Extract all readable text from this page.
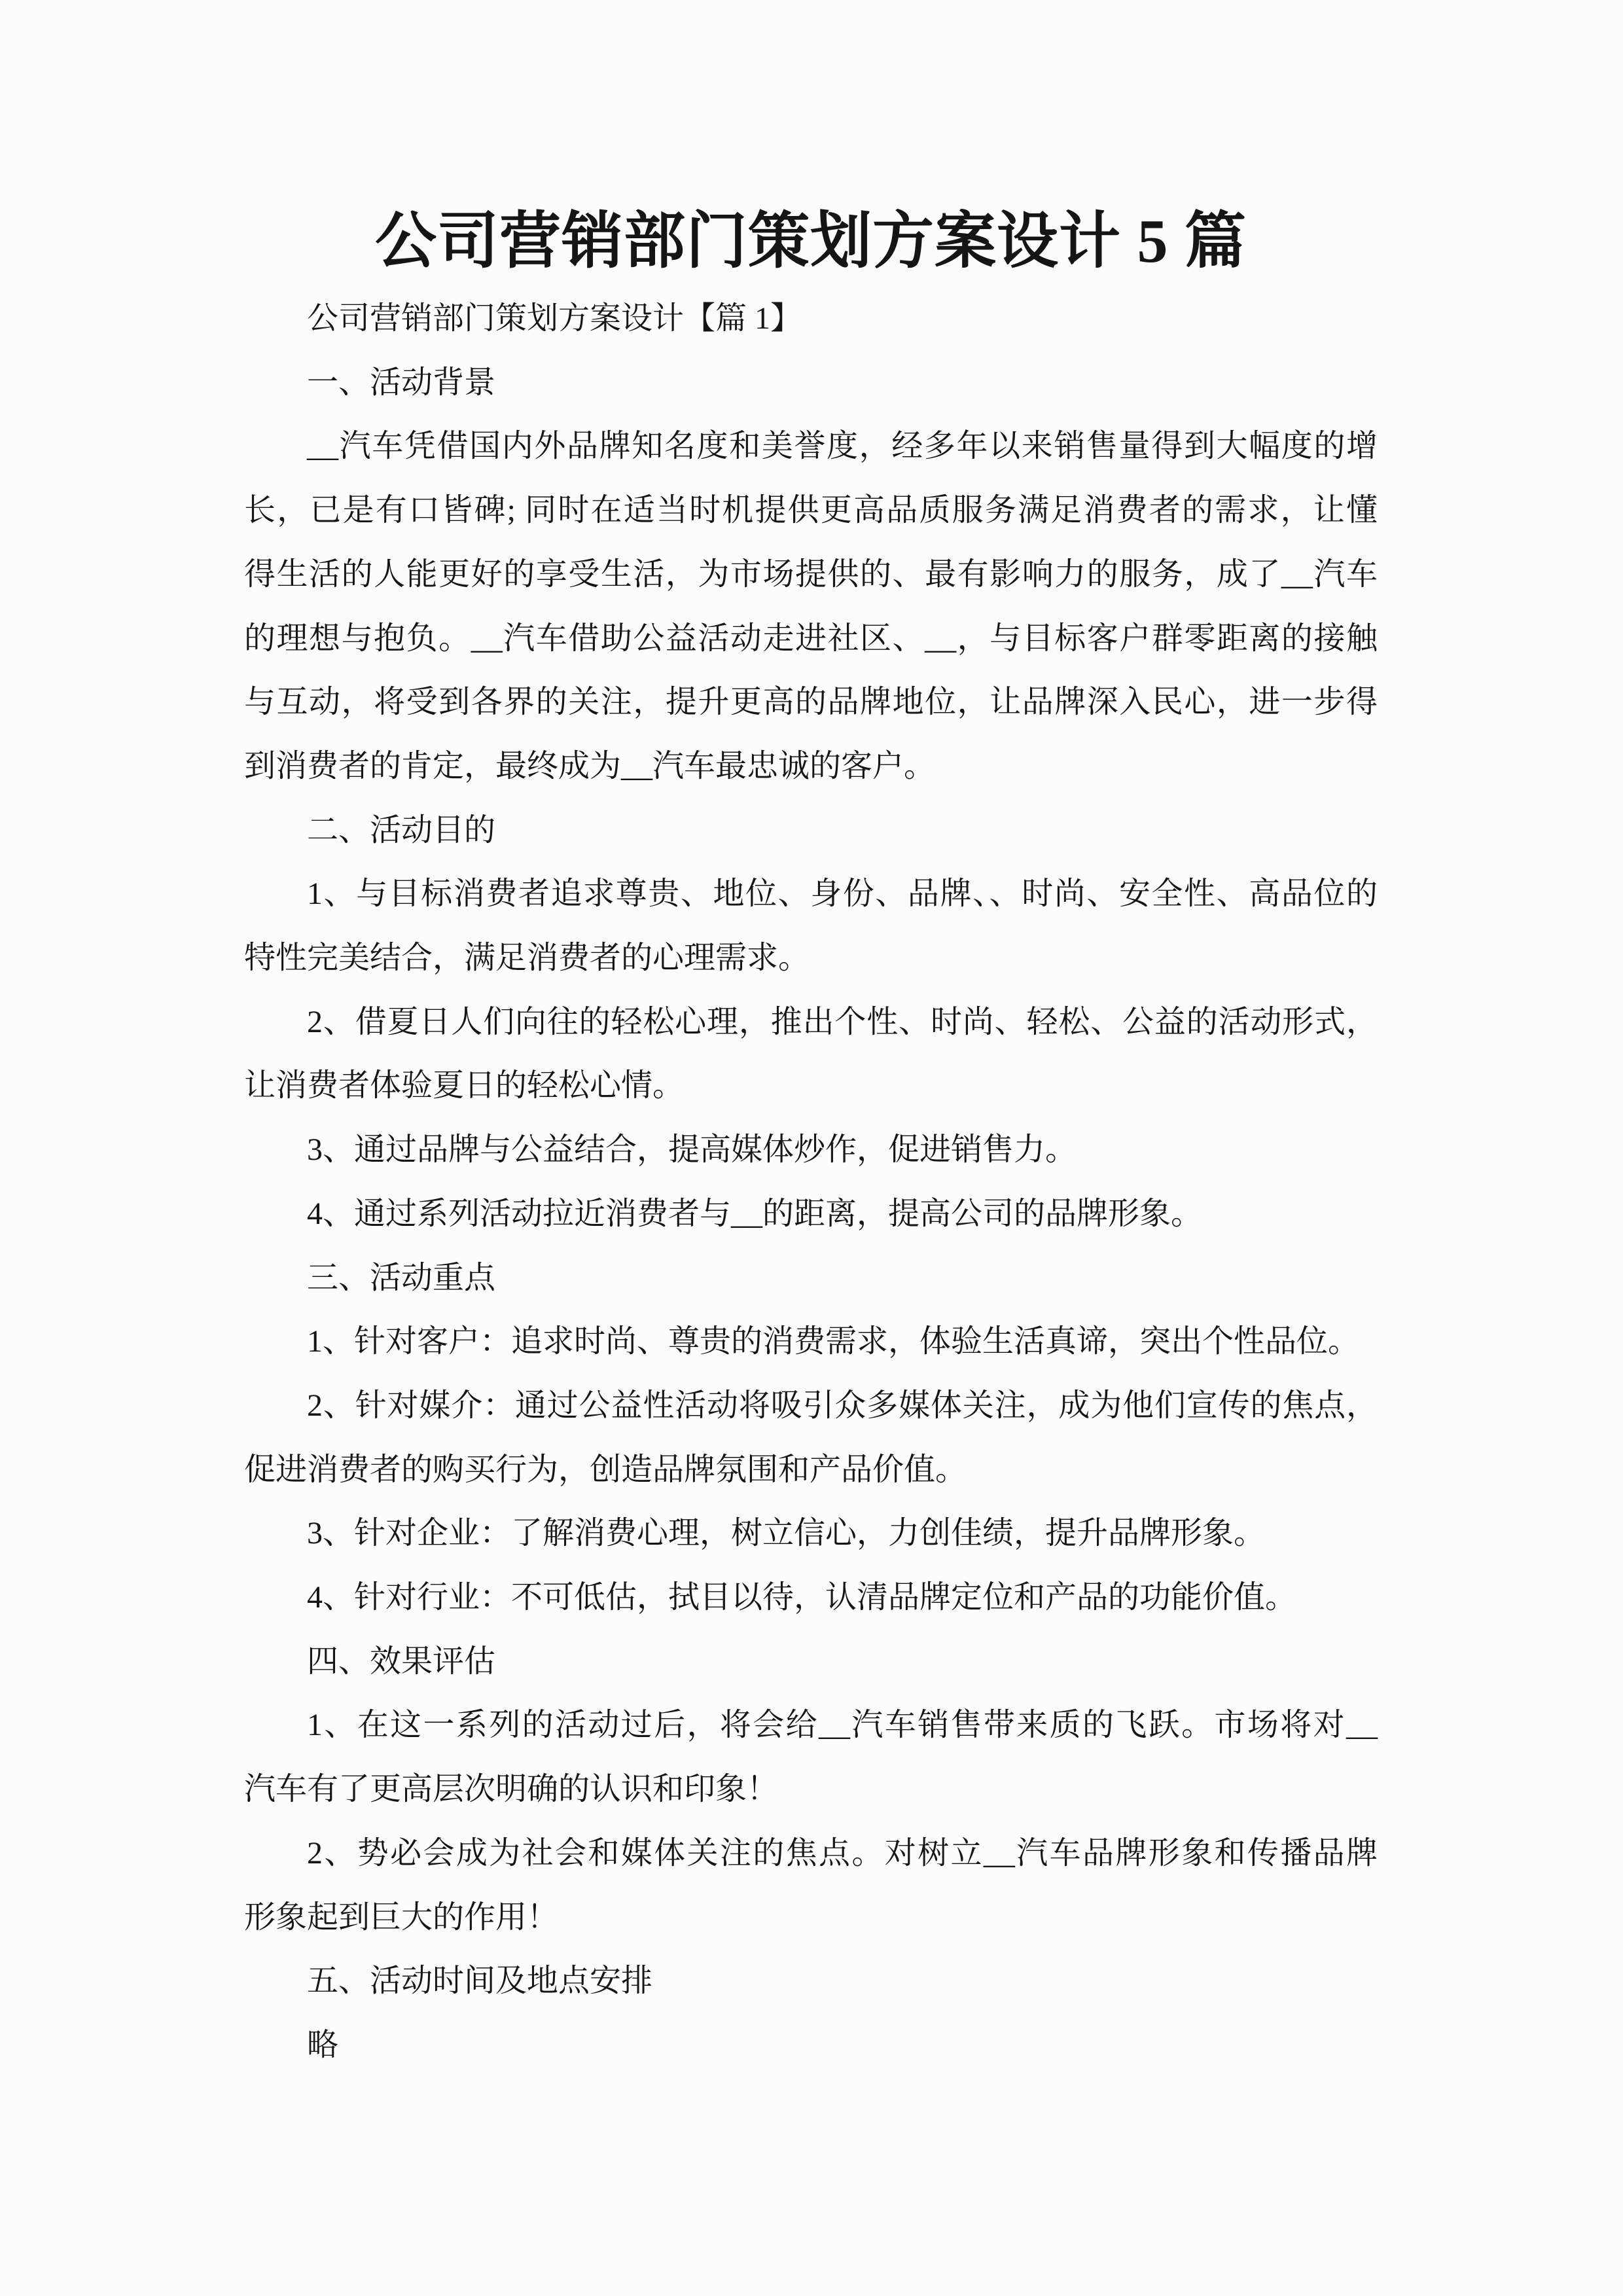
公司营销部门策划方案设计 5 篇
公司营销部门策划方案设计【篇 1】
一、活动背景
__汽车凭借国内外品牌知名度和美誉度，经多年以来销售量得到大幅度的增
长，已是有口皆碑; 同时在适当时机提供更高品质服务满足消费者的需求，让懂
得生活的人能更好的享受生活，为市场提供的、最有影响力的服务，成了__汽车
的理想与抱负。__汽车借助公益活动走进社区、__，与目标客户群零距离的接触
与互动，将受到各界的关注，提升更高的品牌地位，让品牌深入民心，进一步得
到消费者的肯定，最终成为__汽车最忠诚的客户。
二、活动目的
1、与目标消费者追求尊贵、地位、身份、品牌、、时尚、安全性、高品位的
特性完美结合，满足消费者的心理需求。
2、借夏日人们向往的轻松心理，推出个性、时尚、轻松、公益的活动形式，
让消费者体验夏日的轻松心情。
3、通过品牌与公益结合，提高媒体炒作，促进销售力。
4、通过系列活动拉近消费者与__的距离，提高公司的品牌形象。
三、活动重点
1、针对客户：追求时尚、尊贵的消费需求，体验生活真谛，突出个性品位。
2、针对媒介：通过公益性活动将吸引众多媒体关注，成为他们宣传的焦点，
促进消费者的购买行为，创造品牌氛围和产品价值。
3、针对企业：了解消费心理，树立信心，力创佳绩，提升品牌形象。
4、针对行业：不可低估，拭目以待，认清品牌定位和产品的功能价值。
四、效果评估
1、在这一系列的活动过后，将会给__汽车销售带来质的飞跃。市场将对__
汽车有了更高层次明确的认识和印象！
2、势必会成为社会和媒体关注的焦点。对树立__汽车品牌形象和传播品牌
形象起到巨大的作用！
五、活动时间及地点安排
略
